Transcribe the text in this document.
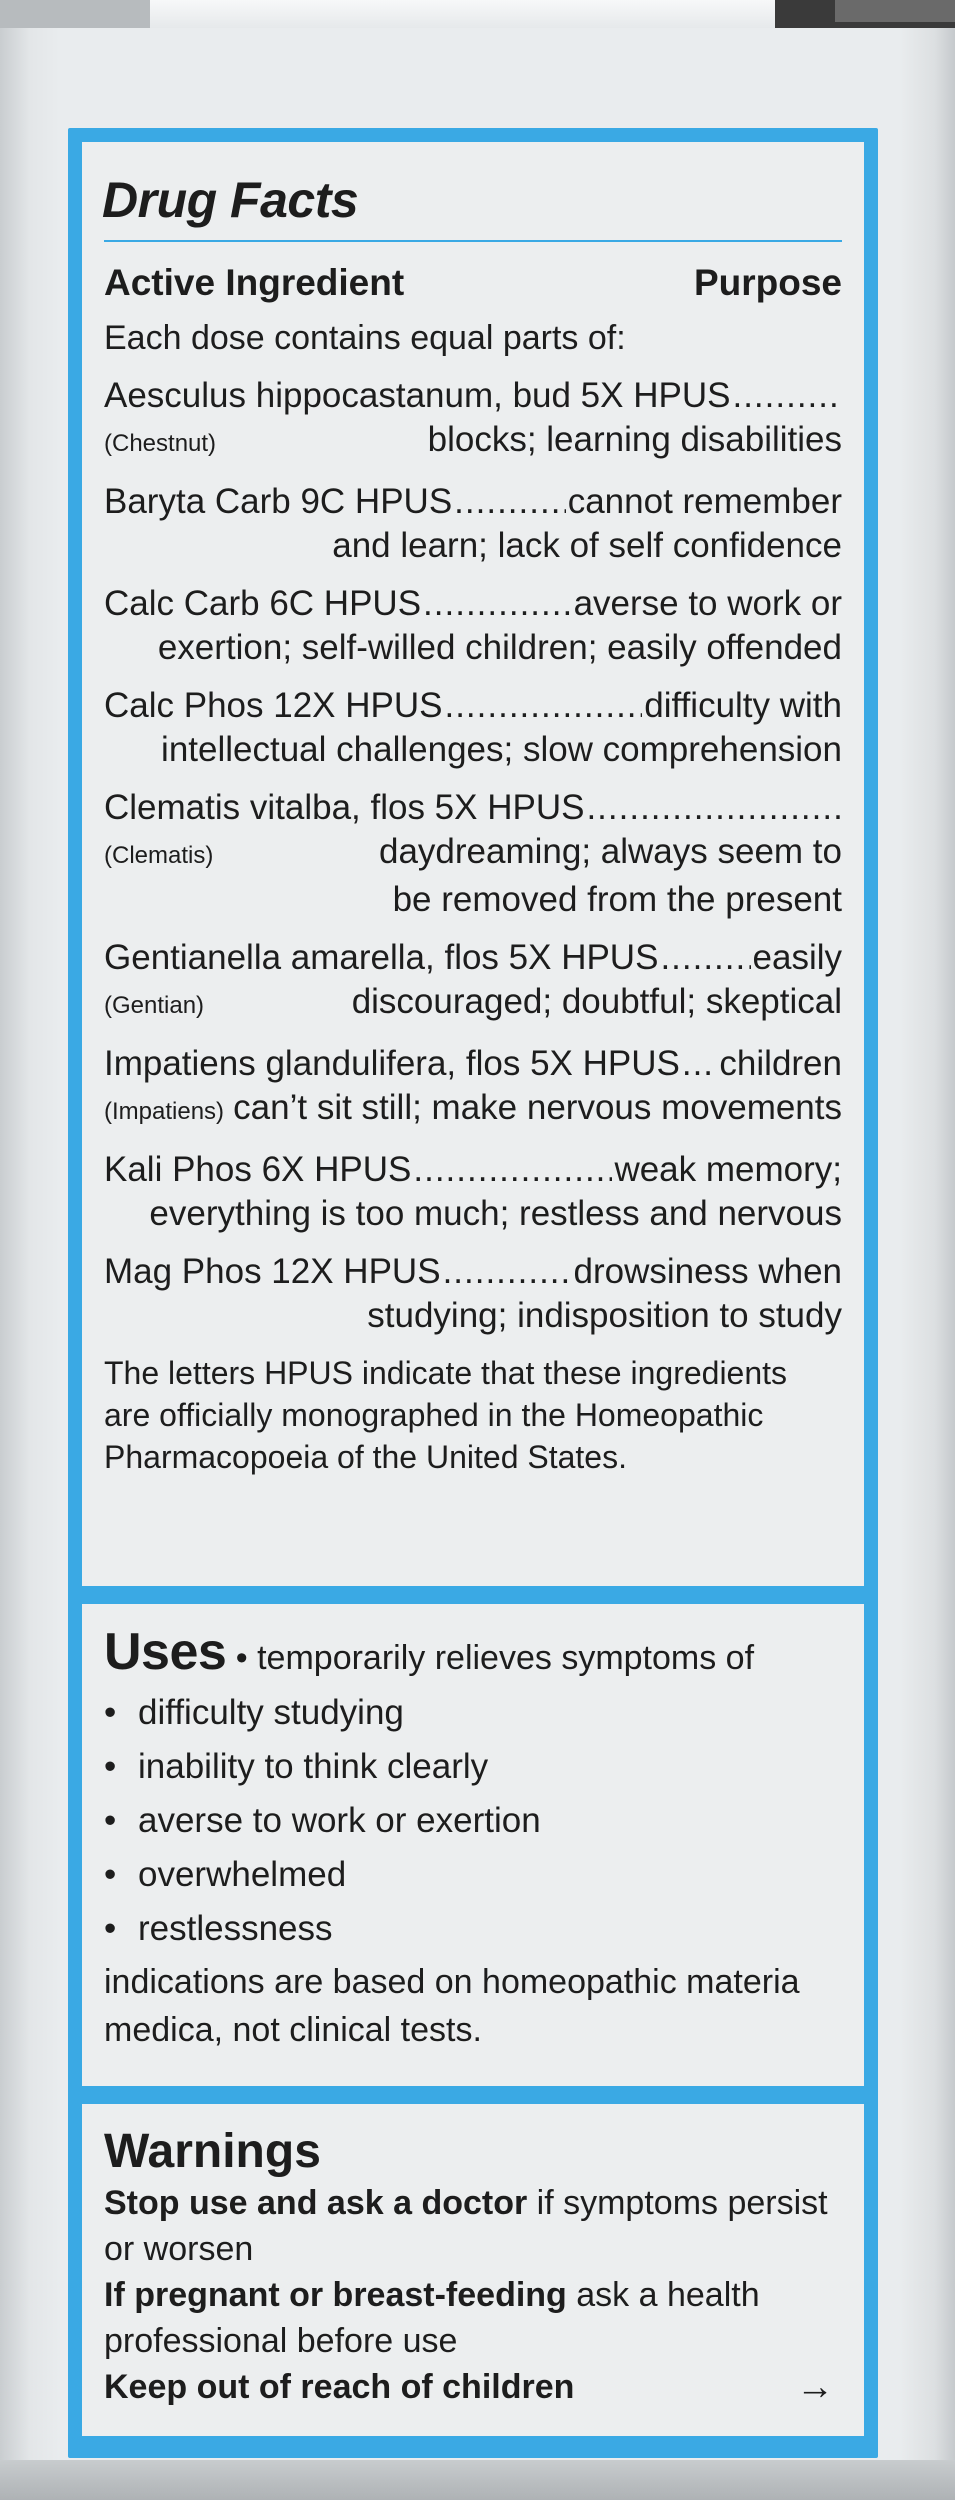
Drug Facts
Active Ingredient	Purpose
Each dose contains equal parts of:
Aesculus hippocastanum, bud 5X HPUS
.....
(Chestnut)	blocks; learning disabilities
Baryta Carb 9C HPUS .....	cannot remember
and learn; lack of self confidence
Calc Carb 6C HPUS .....	averse to work or
exertion; self-willed children; easily offended
Calc Phos 12X HPUS .....	difficulty with
intellectual challenges; slow comprehension
Clematis vitalba, flos 5X HPUS
.....
(Clematis)	daydreaming; always seem to
be removed from the present
Gentianella amarella, flos 5X HPUS .....	easily
(Gentian)	discouraged; doubtful; skeptical
Impatiens glandulifera, flos 5X HPUS ..... children
(Impatiens) can’t sit still; make nervous movements
Kali Phos 6X HPUS .....	weak memory;
everything is too much; restless and nervous
Mag Phos 12X HPUS .....	drowsiness when
studying; indisposition to study
The letters HPUS indicate that these ingredients are officially monographed in the Homeopathic Pharmacopoeia of the United States.
Uses • temporarily relieves symptoms of
• difficulty studying
• inability to think clearly
• averse to work or exertion
• overwhelmed
• restlessness
indications are based on homeopathic materia medica, not clinical tests.
Warnings
Stop use and ask a doctor if symptoms persist or worsen
If pregnant or breast-feeding ask a health professional before use
Keep out of reach of children	→
